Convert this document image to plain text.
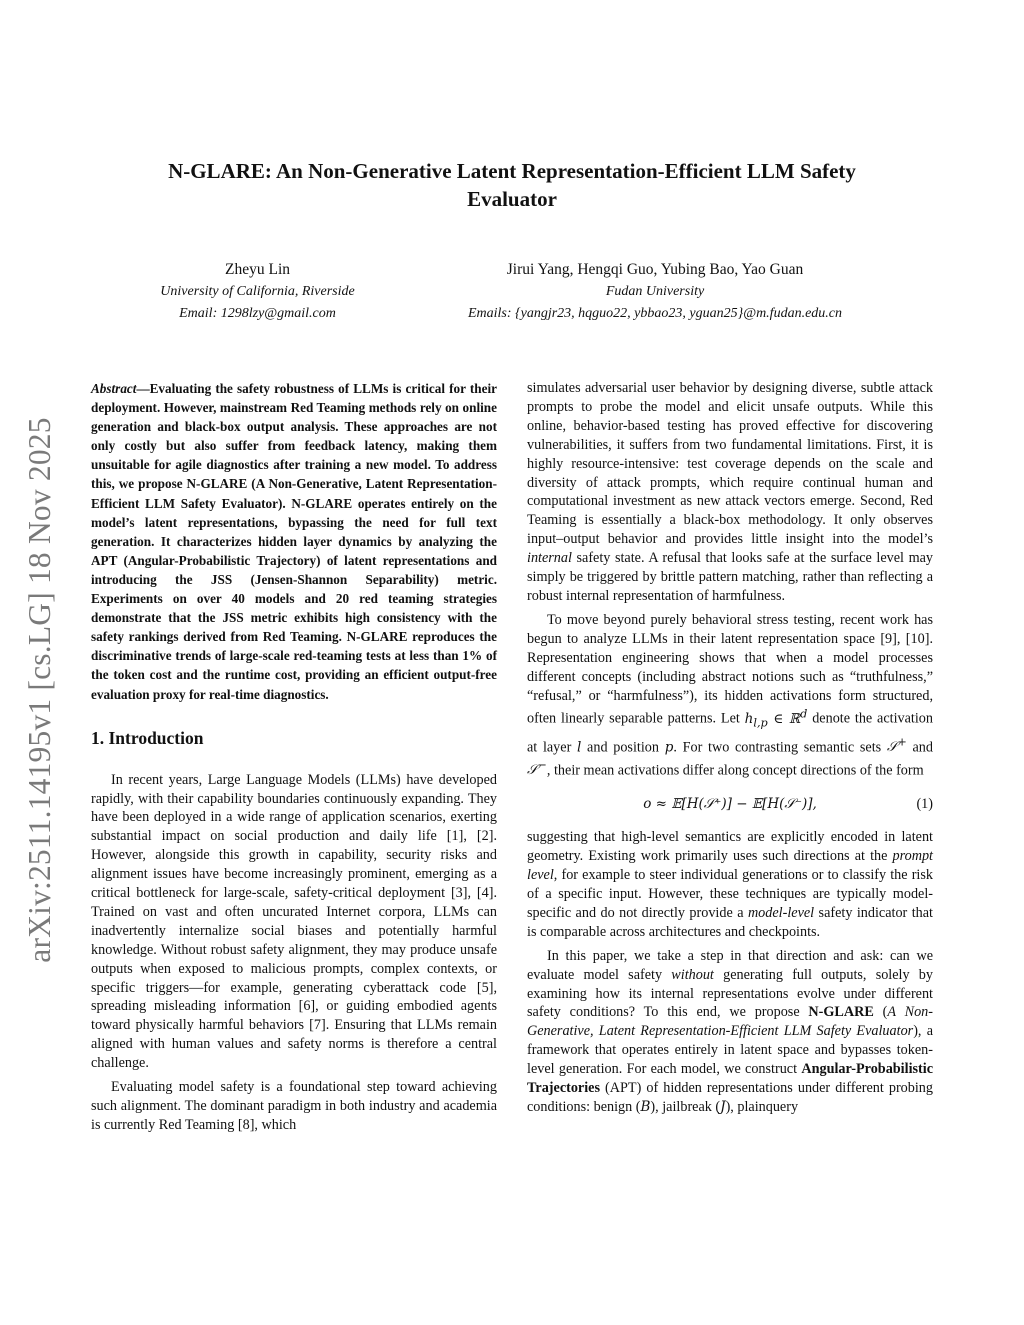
arXiv:2511.14195v1 [cs.LG] 18 Nov 2025
N-GLARE: An Non-Generative Latent Representation-Efficient LLM Safety
Evaluator
Zheyu Lin
University of California, Riverside
Email: 1298lzy@gmail.com
Jirui Yang, Hengqi Guo, Yubing Bao, Yao Guan
Fudan University
Emails: {yangjr23, hqguo22, ybbao23, yguan25}@m.fudan.edu.cn

Abstract—Evaluating the safety robustness of LLMs is critical for their deployment. However, mainstream Red Teaming methods rely on online generation and black-box output analysis. These approaches are not only costly but also suffer from feedback latency, making them unsuitable for agile diagnostics after training a new model. To address this, we propose N-GLARE (A Non-Generative, Latent Representation-Efficient LLM Safety Evaluator). N-GLARE operates entirely on the model’s latent representations, bypassing the need for full text generation. It characterizes hidden layer dynamics by analyzing the APT (Angular-Probabilistic Trajectory) of latent representations and introducing the JSS (Jensen-Shannon Separability) metric. Experiments on over 40 models and 20 red teaming strategies demonstrate that the JSS metric exhibits high consistency with the safety rankings derived from Red Teaming. N-GLARE reproduces the discriminative trends of large-scale red-teaming tests at less than 1% of the token cost and the runtime cost, providing an efficient output-free evaluation proxy for real-time diagnostics.

1. Introduction

In recent years, Large Language Models (LLMs) have developed rapidly, with their capability boundaries continuously expanding. They have been deployed in a wide range of application scenarios, exerting substantial impact on social production and daily life [1], [2]. However, alongside this growth in capability, security risks and alignment issues have become increasingly prominent, emerging as a critical bottleneck for large-scale, safety-critical deployment [3], [4]. Trained on vast and often uncurated Internet corpora, LLMs can inadvertently internalize social biases and potentially harmful knowledge. Without robust safety alignment, they may produce unsafe outputs when exposed to malicious prompts, complex contexts, or specific triggers—for example, generating cyberattack code [5], spreading misleading information [6], or guiding embodied agents toward physically harmful behaviors [7]. Ensuring that LLMs remain aligned with human values and safety norms is therefore a central challenge.

Evaluating model safety is a foundational step toward achieving such alignment. The dominant paradigm in both industry and academia is currently Red Teaming [8], which

simulates adversarial user behavior by designing diverse, subtle attack prompts to probe the model and elicit unsafe outputs. While this online, behavior-based testing has proved effective for discovering vulnerabilities, it suffers from two fundamental limitations. First, it is highly resource-intensive: test coverage depends on the scale and diversity of attack prompts, which require continual human and computational investment as new attack vectors emerge. Second, Red Teaming is essentially a black-box methodology. It only observes input–output behavior and provides little insight into the model’s internal safety state. A refusal that looks safe at the surface level may simply be triggered by brittle pattern matching, rather than reflecting a robust internal representation of harmfulness.

To move beyond purely behavioral stress testing, recent work has begun to analyze LLMs in their latent representation space [9], [10]. Representation engineering shows that when a model processes different concepts (including abstract notions such as “truthfulness,” “refusal,” or “harmfulness”), its hidden activations form structured, often linearly separable patterns. Let $h_{l,p}$ ∈ ℝ$^d$ denote the activation at layer l and position p. For two contrasting semantic sets 𝒮+ and 𝒮−, their mean activations differ along concept directions of the form

o ≈ 𝔼[H(𝒮⁺)] − 𝔼[H(𝒮⁻)],	(1)

suggesting that high-level semantics are explicitly encoded in latent geometry. Existing work primarily uses such directions at the prompt level, for example to steer individual generations or to classify the risk of a specific input. However, these techniques are typically model-specific and do not directly provide a model-level safety indicator that is comparable across architectures and checkpoints.

In this paper, we take a step in that direction and ask: can we evaluate model safety without generating full outputs, solely by examining how its internal representations evolve under different safety conditions? To this end, we propose N-GLARE (A Non-Generative, Latent Representation-Efficient LLM Safety Evaluator), a framework that operates entirely in latent space and bypasses token-level generation. For each model, we construct Angular-Probabilistic Trajectories (APT) of hidden representations under different probing conditions: benign (B), jailbreak (J), plainquery
